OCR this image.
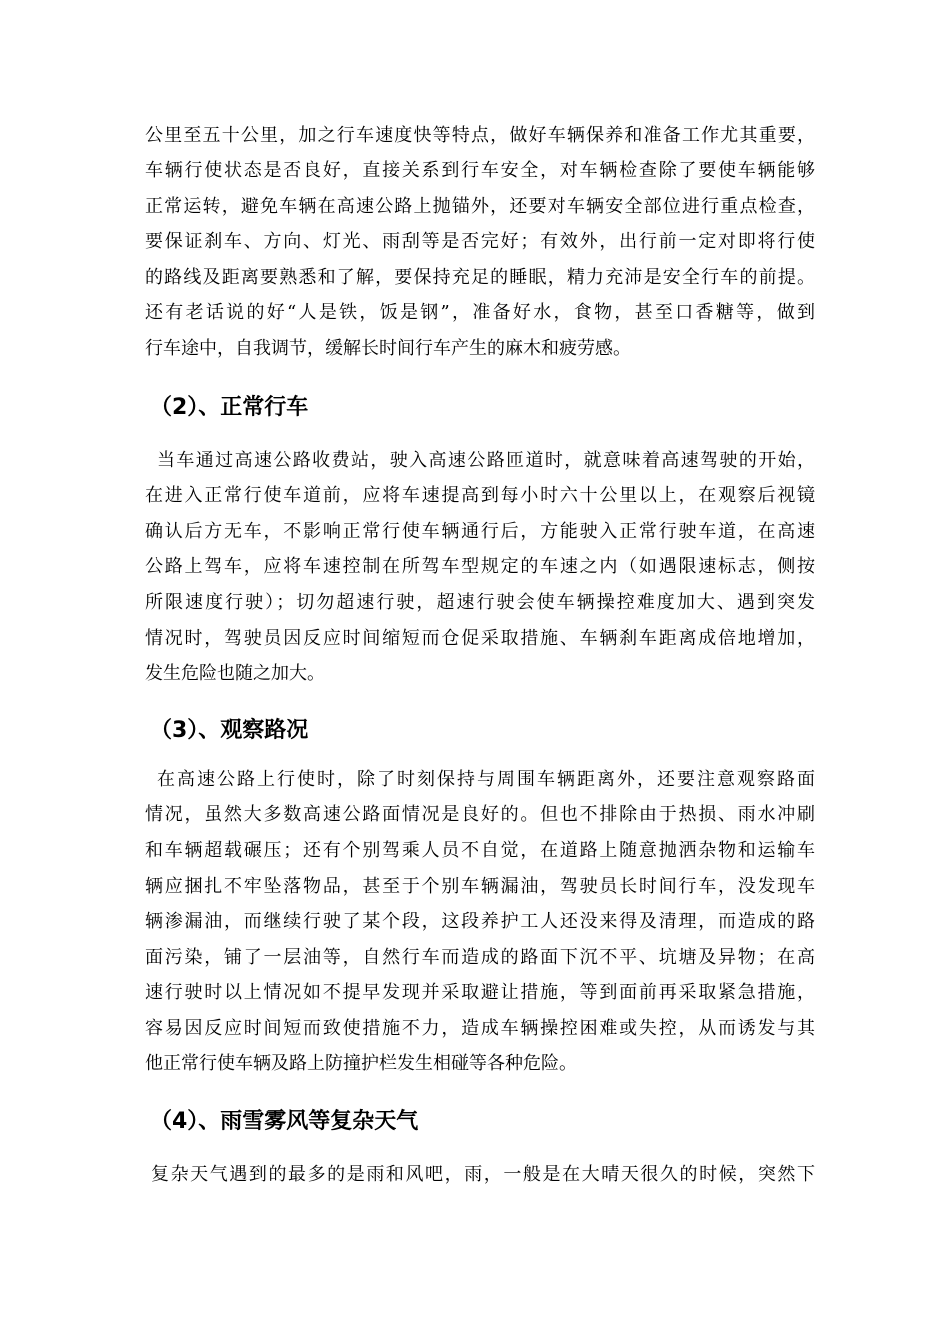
公里至五十公里，加之行车速度快等特点，做好车辆保养和准备工作尤其重要，
车辆行使状态是否良好，直接关系到行车安全，对车辆检查除了要使车辆能够
正常运转，避免车辆在高速公路上抛锚外，还要对车辆安全部位进行重点检查，
要保证刹车、方向、灯光、雨刮等是否完好；有效外，出行前一定对即将行使
的路线及距离要熟悉和了解，要保持充足的睡眠，精力充沛是安全行车的前提。
还有老话说的好“人是铁，饭是钢”，准备好水，食物，甚至口香糖等，做到
行车途中，自我调节，缓解长时间行车产生的麻木和疲劳感。
（2）、正常行车
当车通过高速公路收费站，驶入高速公路匝道时，就意味着高速驾驶的开始，
在进入正常行使车道前，应将车速提高到每小时六十公里以上，在观察后视镜
确认后方无车，不影响正常行使车辆通行后，方能驶入正常行驶车道，在高速
公路上驾车，应将车速控制在所驾车型规定的车速之内（如遇限速标志，侧按
所限速度行驶）；切勿超速行驶，超速行驶会使车辆操控难度加大、遇到突发
情况时，驾驶员因反应时间缩短而仓促采取措施、车辆刹车距离成倍地增加，
发生危险也随之加大。
（3）、观察路况
在高速公路上行使时，除了时刻保持与周围车辆距离外，还要注意观察路面
情况，虽然大多数高速公路面情况是良好的。但也不排除由于热损、雨水冲刷
和车辆超载碾压；还有个别驾乘人员不自觉，在道路上随意抛洒杂物和运输车
辆应捆扎不牢坠落物品，甚至于个别车辆漏油，驾驶员长时间行车，没发现车
辆渗漏油，而继续行驶了某个段，这段养护工人还没来得及清理，而造成的路
面污染，铺了一层油等，自然行车而造成的路面下沉不平、坑塘及异物；在高
速行驶时以上情况如不提早发现并采取避让措施，等到面前再采取紧急措施，
容易因反应时间短而致使措施不力，造成车辆操控困难或失控，从而诱发与其
他正常行使车辆及路上防撞护栏发生相碰等各种危险。
（4）、雨雪雾风等复杂天气
复杂天气遇到的最多的是雨和风吧，雨，一般是在大晴天很久的时候，突然下
